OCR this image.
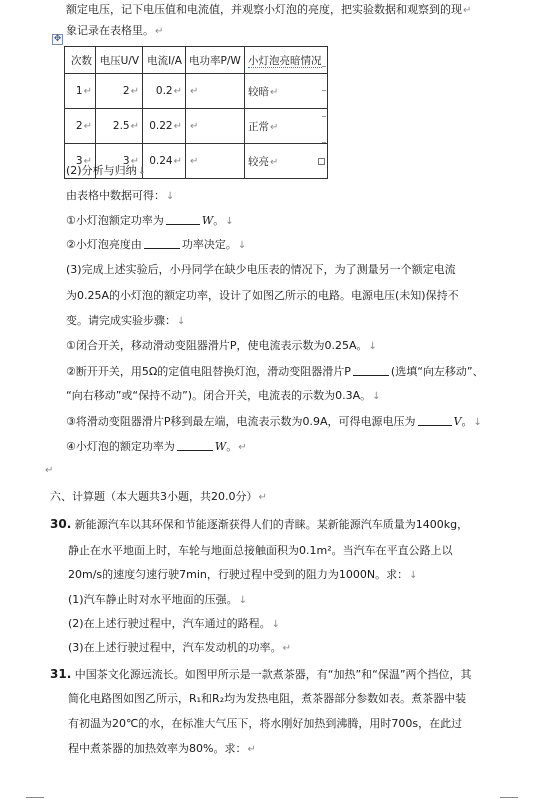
额定电压，记下电压值和电流值，并观察小灯泡的亮度，把实验数据和观察到的现↵
象记录在表格里。↵
✥
次数	电压U/V	电流I/A	电功率P/W	小灯泡亮暗情况
1↵	2↵	0.2↵	↵	较暗↵
2↵	2.5↵	0.22↵	↵	正常↵
3↵	3↵	0.24↵	↵	较亮↵
(2)分析与归纳↓
由表格中数据可得：↓
①小灯泡额定功率为	W。↓
②小灯泡亮度由	功率决定。↓
(3)完成上述实验后，小丹同学在缺少电压表的情况下，为了测量另一个额定电流
为0.25A的小灯泡的额定功率，设计了如图乙所示的电路。电源电压(未知)保持不
变。请完成实验步骤：↓
①闭合开关，移动滑动变阻器滑片P，使电流表示数为0.25A。↓
②断开开关，用5Ω的定值电阻替换灯泡，滑动变阻器滑片P	(选填“向左移动”、
“向右移动”或“保持不动”)。闭合开关，电流表的示数为0.3A。↓
③将滑动变阻器滑片P移到最左端，电流表示数为0.9A，可得电源电压为	V。↓
④小灯泡的额定功率为	W。↵
↵
六、计算题（本大题共3小题，共20.0分）↵
30. 新能源汽车以其环保和节能逐渐获得人们的青睐。某新能源汽车质量为1400kg，
静止在水平地面上时，车轮与地面总接触面积为0.1m²。当汽车在平直公路上以
20m/s的速度匀速行驶7min，行驶过程中受到的阻力为1000N。求：↓
(1)汽车静止时对水平地面的压强。↓
(2)在上述行驶过程中，汽车通过的路程。↓
(3)在上述行驶过程中，汽车发动机的功率。↵
31. 中国茶文化源远流长。如图甲所示是一款煮茶器，有“加热”和“保温”两个挡位，其
简化电路图如图乙所示，R₁和R₂均为发热电阻，煮茶器部分参数如表。煮茶器中装
有初温为20℃的水，在标准大气压下，将水刚好加热到沸腾，用时700s，在此过
程中煮茶器的加热效率为80%。求：↵
